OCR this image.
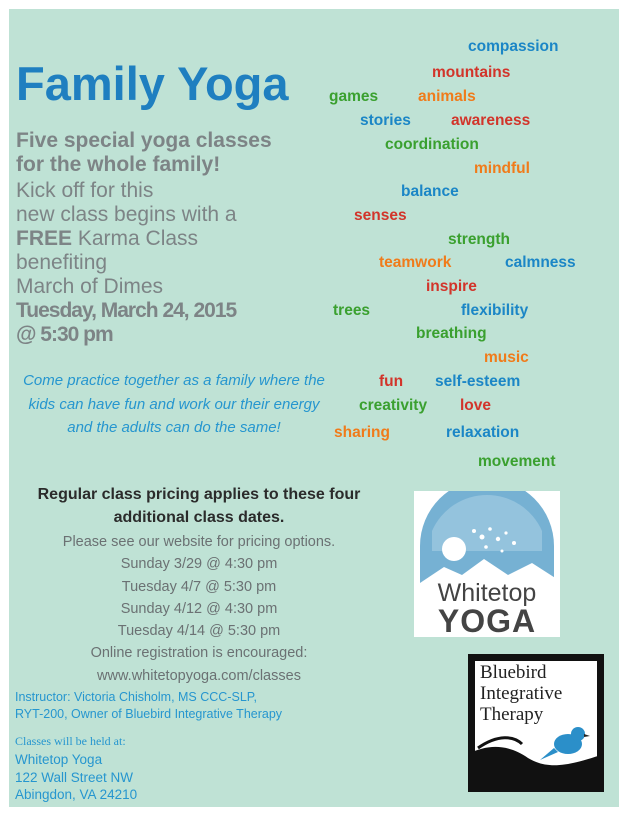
Family Yoga
Five special yoga classes
for the whole family!
Kick off for this
new class begins with a
FREE Karma Class
benefiting
March of Dimes
Tuesday, March 24, 2015
@ 5:30 pm
Come practice together as a family where the kids can have fun and work our their energy and the adults can do the same!
compassion
mountains
games	animals
stories	awareness
coordination
mindful
balance
senses
strength
teamwork	calmness
inspire
trees	flexibility
breathing
music
fun self-esteem
creativity love
sharing	relaxation
movement
Regular class pricing applies to these four
additional class dates.
Please see our website for pricing options.
Sunday 3/29 @ 4:30 pm
Tuesday 4/7 @ 5:30 pm
Sunday 4/12 @ 4:30 pm
Tuesday 4/14 @ 5:30 pm
Online registration is encouraged:
www.whitetopyoga.com/classes
Instructor: Victoria Chisholm, MS CCC-SLP,
RYT-200, Owner of Bluebird Integrative Therapy
Classes will be held at:
Whitetop Yoga
122 Wall Street NW
Abingdon, VA 24210
Whitetop
YOGA
Bluebird
Integrative
Therapy
